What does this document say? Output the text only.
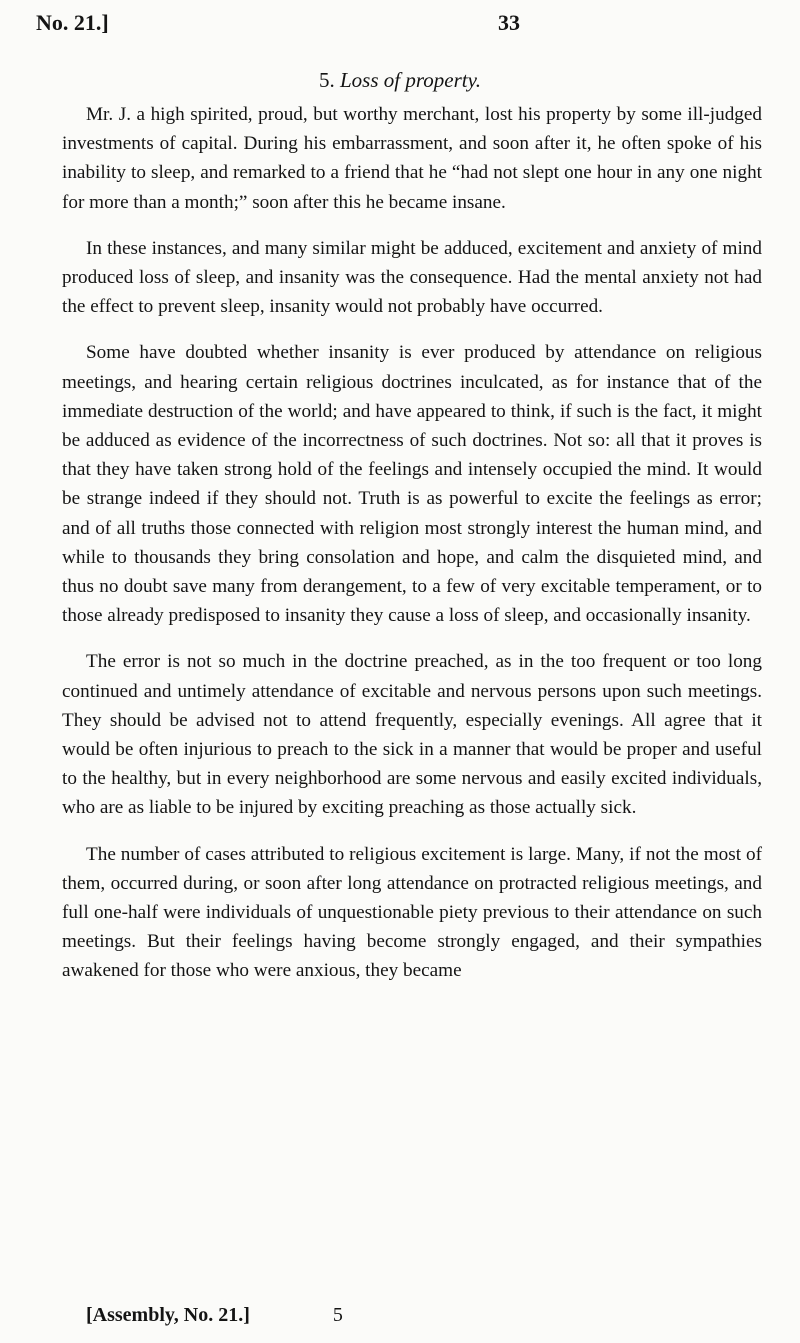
No. 21.]	33
5. Loss of property.

Mr. J. a high spirited, proud, but worthy merchant, lost his property by some ill-judged investments of capital. During his embarrassment, and soon after it, he often spoke of his inability to sleep, and remarked to a friend that he “had not slept one hour in any one night for more than a month;” soon after this he became insane.

In these instances, and many similar might be adduced, excitement and anxiety of mind produced loss of sleep, and insanity was the consequence. Had the mental anxiety not had the effect to prevent sleep, insanity would not probably have occurred.

Some have doubted whether insanity is ever produced by attendance on religious meetings, and hearing certain religious doctrines inculcated, as for instance that of the immediate destruction of the world; and have appeared to think, if such is the fact, it might be adduced as evidence of the incorrectness of such doctrines. Not so: all that it proves is that they have taken strong hold of the feelings and intensely occupied the mind. It would be strange indeed if they should not. Truth is as powerful to excite the feelings as error; and of all truths those connected with religion most strongly interest the human mind, and while to thousands they bring consolation and hope, and calm the disquieted mind, and thus no doubt save many from derangement, to a few of very excitable temperament, or to those already predisposed to insanity they cause a loss of sleep, and occasionally insanity.

The error is not so much in the doctrine preached, as in the too frequent or too long continued and untimely attendance of excitable and nervous persons upon such meetings. They should be advised not to attend frequently, especially evenings. All agree that it would be often injurious to preach to the sick in a manner that would be proper and useful to the healthy, but in every neighborhood are some nervous and easily excited individuals, who are as liable to be injured by exciting preaching as those actually sick.

The number of cases attributed to religious excitement is large. Many, if not the most of them, occurred during, or soon after long attendance on protracted religious meetings, and full one-half were individuals of unquestionable piety previous to their attendance on such meetings. But their feelings having become strongly engaged, and their sympathies awakened for those who were anxious, they became

[Assembly, No. 21.]	5
